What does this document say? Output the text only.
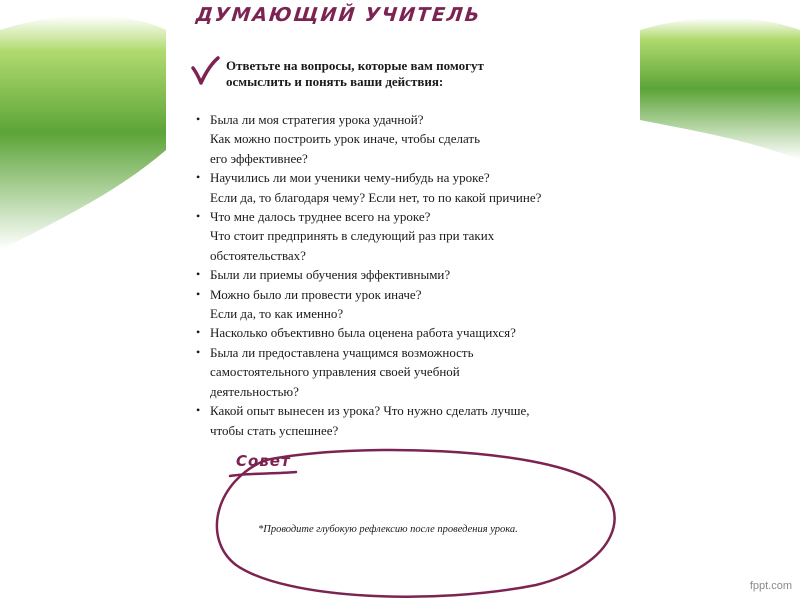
ДУМАЮЩИЙ УЧИТЕЛЬ
Ответьте на вопросы, которые вам помогут
осмыслить и понять ваши действия:
• Была ли моя стратегия урока удачной?
Как можно построить урок иначе, чтобы сделать
его эффективнее?
• Научились ли мои ученики чему-нибудь на уроке?
Если да, то благодаря чему? Если нет, то по какой причине?
• Что мне далось труднее всего на уроке?
Что стоит предпринять в следующий раз при таких
обстоятельствах?
• Были ли приемы обучения эффективными?
• Можно было ли провести урок иначе?
Если да, то как именно?
• Насколько объективно была оценена работа учащихся?
• Была ли предоставлена учащимся возможность
самостоятельного управления своей учебной
деятельностью?
• Какой опыт вынесен из урока? Что нужно сделать лучше,
чтобы стать успешнее?
Совет
*Проводите глубокую рефлексию после проведения урока.
fppt.com
